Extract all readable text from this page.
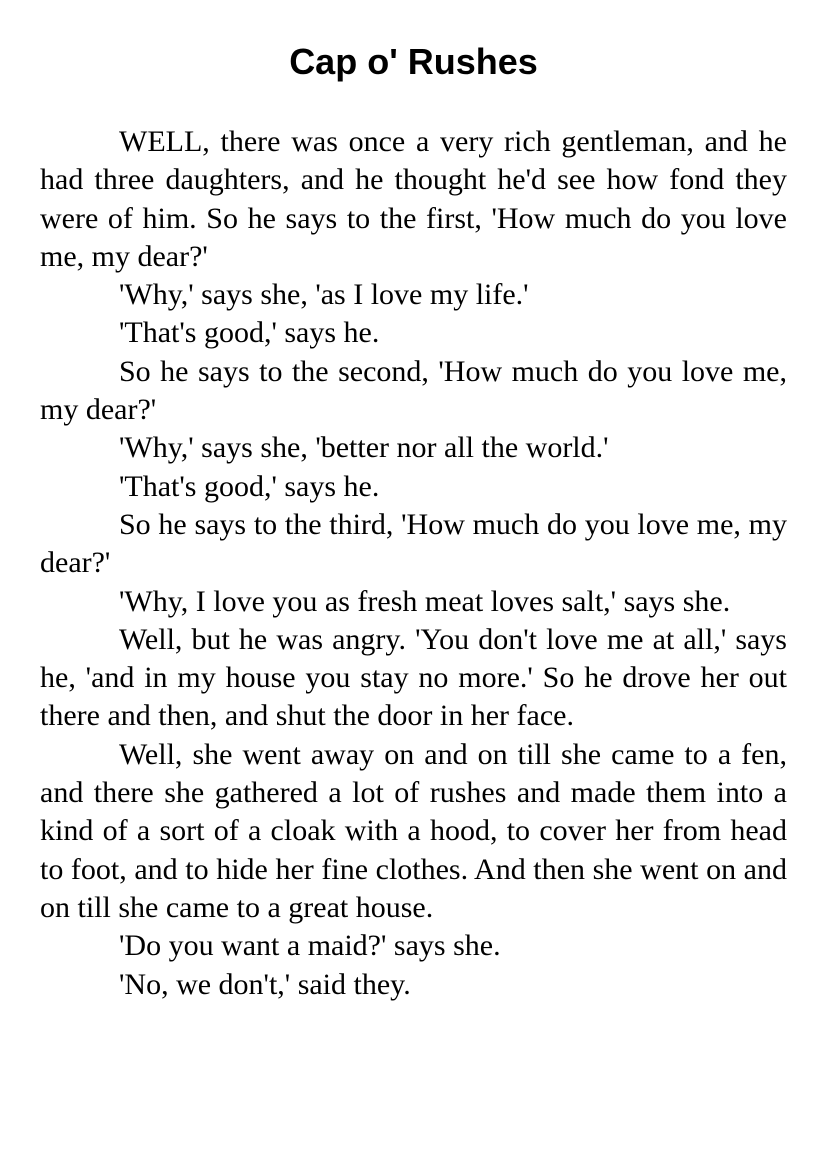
Cap o' Rushes

WELL, there was once a very rich gentleman, and he had three daughters, and he thought he'd see how fond they were of him. So he says to the first, 'How much do you love me, my dear?'

'Why,' says she, 'as I love my life.'

'That's good,' says he.

So he says to the second, 'How much do you love me, my dear?'

'Why,' says she, 'better nor all the world.'

'That's good,' says he.

So he says to the third, 'How much do you love me, my dear?'

'Why, I love you as fresh meat loves salt,' says she.

Well, but he was angry. 'You don't love me at all,' says he, 'and in my house you stay no more.' So he drove her out there and then, and shut the door in her face.

Well, she went away on and on till she came to a fen, and there she gathered a lot of rushes and made them into a kind of a sort of a cloak with a hood, to cover her from head to foot, and to hide her fine clothes. And then she went on and on till she came to a great house.

'Do you want a maid?' says she.

'No, we don't,' said they.
